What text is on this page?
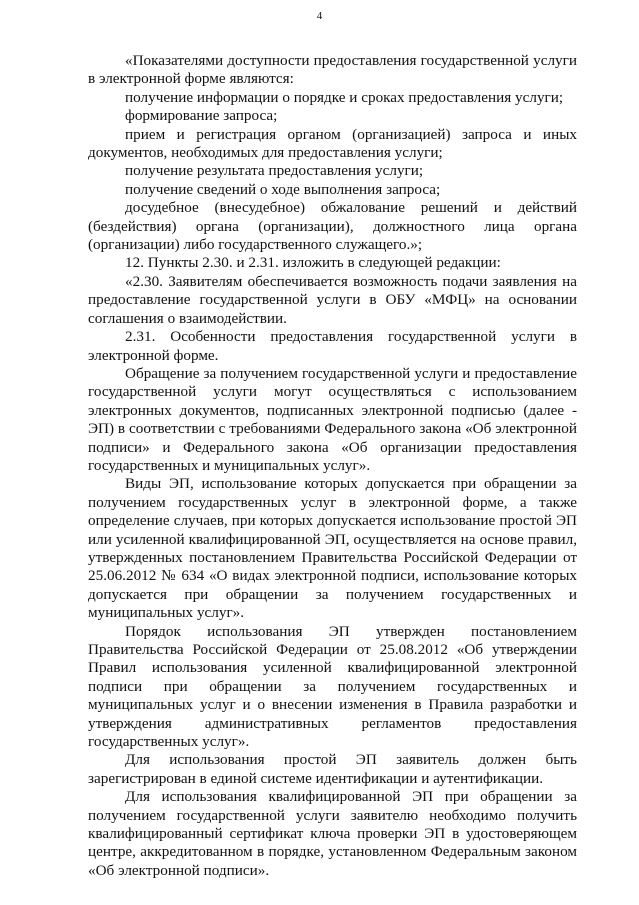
4

«Показателями доступности предоставления государственной услуги в электронной форме являются:

получение информации о порядке и сроках предоставления услуги;

формирование запроса;

прием и регистрация органом (организацией) запроса и иных документов, необходимых для предоставления услуги;

получение результата предоставления услуги;

получение сведений о ходе выполнения запроса;

досудебное (внесудебное) обжалование решений и действий (бездействия) органа (организации), должностного лица органа (организации) либо государственного служащего.»;

12. Пункты 2.30. и 2.31. изложить в следующей редакции:

«2.30. Заявителям обеспечивается возможность подачи заявления на предоставление государственной услуги в ОБУ «МФЦ» на основании соглашения о взаимодействии.

2.31. Особенности предоставления государственной услуги в электронной форме.

Обращение за получением государственной услуги и предоставление государственной услуги могут осуществляться с использованием электронных документов, подписанных электронной подписью (далее - ЭП) в соответствии с требованиями Федерального закона «Об электронной подписи» и Федерального закона «Об организации предоставления государственных и муниципальных услуг».

Виды ЭП, использование которых допускается при обращении за получением государственных услуг в электронной форме, а также определение случаев, при которых допускается использование простой ЭП или усиленной квалифицированной ЭП, осуществляется на основе правил, утвержденных постановлением Правительства Российской Федерации от 25.06.2012 № 634 «О видах электронной подписи, использование которых допускается при обращении за получением государственных и муниципальных услуг».

Порядок использования ЭП утвержден постановлением Правительства Российской Федерации от 25.08.2012 «Об утверждении Правил использования усиленной квалифицированной электронной подписи при обращении за получением государственных и муниципальных услуг и о внесении изменения в Правила разработки и утверждения административных регламентов предоставления государственных услуг».

Для использования простой ЭП заявитель должен быть зарегистрирован в единой системе идентификации и аутентификации.

Для использования квалифицированной ЭП при обращении за получением государственной услуги заявителю необходимо получить квалифицированный сертификат ключа проверки ЭП в удостоверяющем центре, аккредитованном в порядке, установленном Федеральным законом «Об электронной подписи».
